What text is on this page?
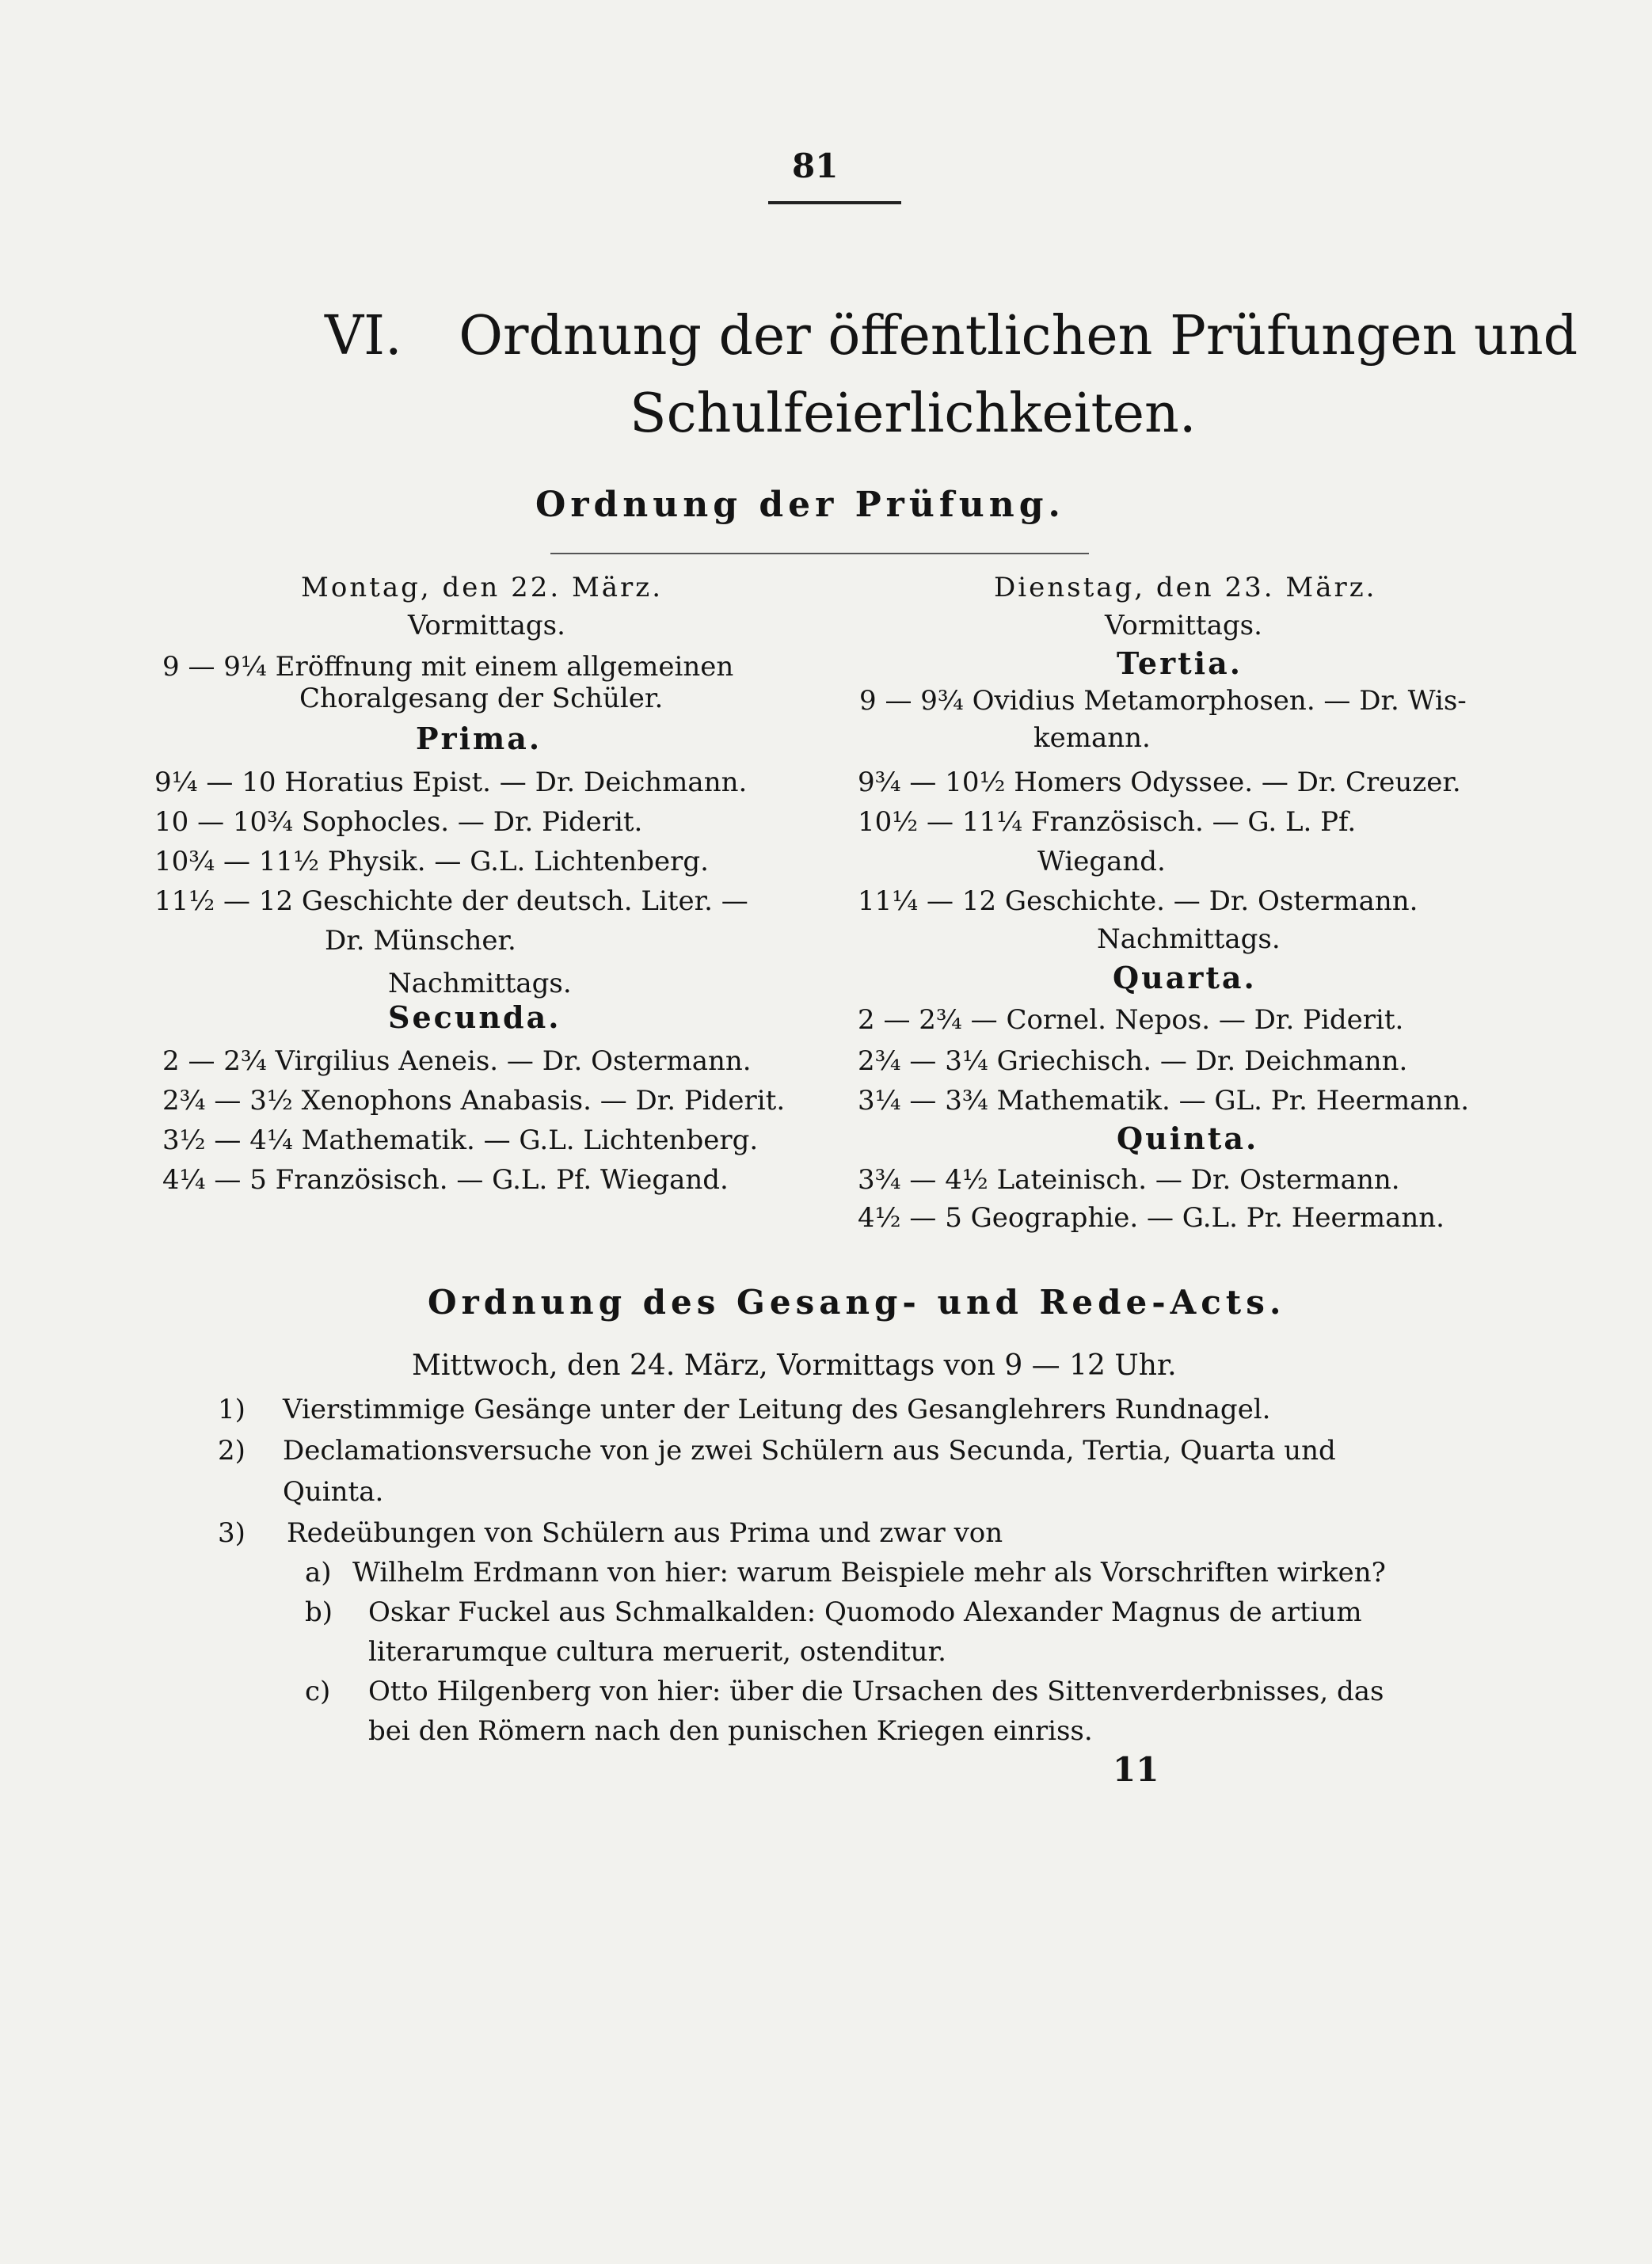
81
VI. Ordnung der öffentlichen Prüfungen und
Schulfeierlichkeiten.
Ordnung der Prüfung.
Montag, den 22. März.
Vormittags.
9 — 9¼ Eröffnung mit einem allgemeinen
Choralgesang der Schüler.
Prima.
9¼ — 10 Horatius Epist. — Dr. Deichmann.
10 — 10¾ Sophocles. — Dr. Piderit.
10¾ — 11½ Physik. — G.L. Lichtenberg.
11½ — 12 Geschichte der deutsch. Liter. —
Dr. Münscher.
Nachmittags.
Secunda.
2 — 2¾ Virgilius Aeneis. — Dr. Ostermann.
2¾ — 3½ Xenophons Anabasis. — Dr. Piderit.
3½ — 4¼ Mathematik. — G.L. Lichtenberg.
4¼ — 5 Französisch. — G.L. Pf. Wiegand.
Dienstag, den 23. März.
Vormittags.
Tertia.
9 — 9¾ Ovidius Metamorphosen. — Dr. Wis-
kemann.
9¾ — 10½ Homers Odyssee. — Dr. Creuzer.
10½ — 11¼ Französisch. — G. L. Pf.
Wiegand.
11¼ — 12 Geschichte. — Dr. Ostermann.
Nachmittags.
Quarta.
2 — 2¾ — Cornel. Nepos. — Dr. Piderit.
2¾ — 3¼ Griechisch. — Dr. Deichmann.
3¼ — 3¾ Mathematik. — GL. Pr. Heermann.
Quinta.
3¾ — 4½ Lateinisch. — Dr. Ostermann.
4½ — 5 Geographie. — G.L. Pr. Heermann.
Ordnung des Gesang- und Rede-Acts.
Mittwoch, den 24. März, Vormittags von 9 — 12 Uhr.
1) Vierstimmige Gesänge unter der Leitung des Gesanglehrers Rundnagel.
2) Declamationsversuche von je zwei Schülern aus Secunda, Tertia, Quarta und
Quinta.
3) Redeübungen von Schülern aus Prima und zwar von
a) Wilhelm Erdmann von hier: warum Beispiele mehr als Vorschriften wirken?
b) Oskar Fuckel aus Schmalkalden: Quomodo Alexander Magnus de artium
literarumque cultura meruerit, ostenditur.
c) Otto Hilgenberg von hier: über die Ursachen des Sittenverderbnisses, das
bei den Römern nach den punischen Kriegen einriss.
11
